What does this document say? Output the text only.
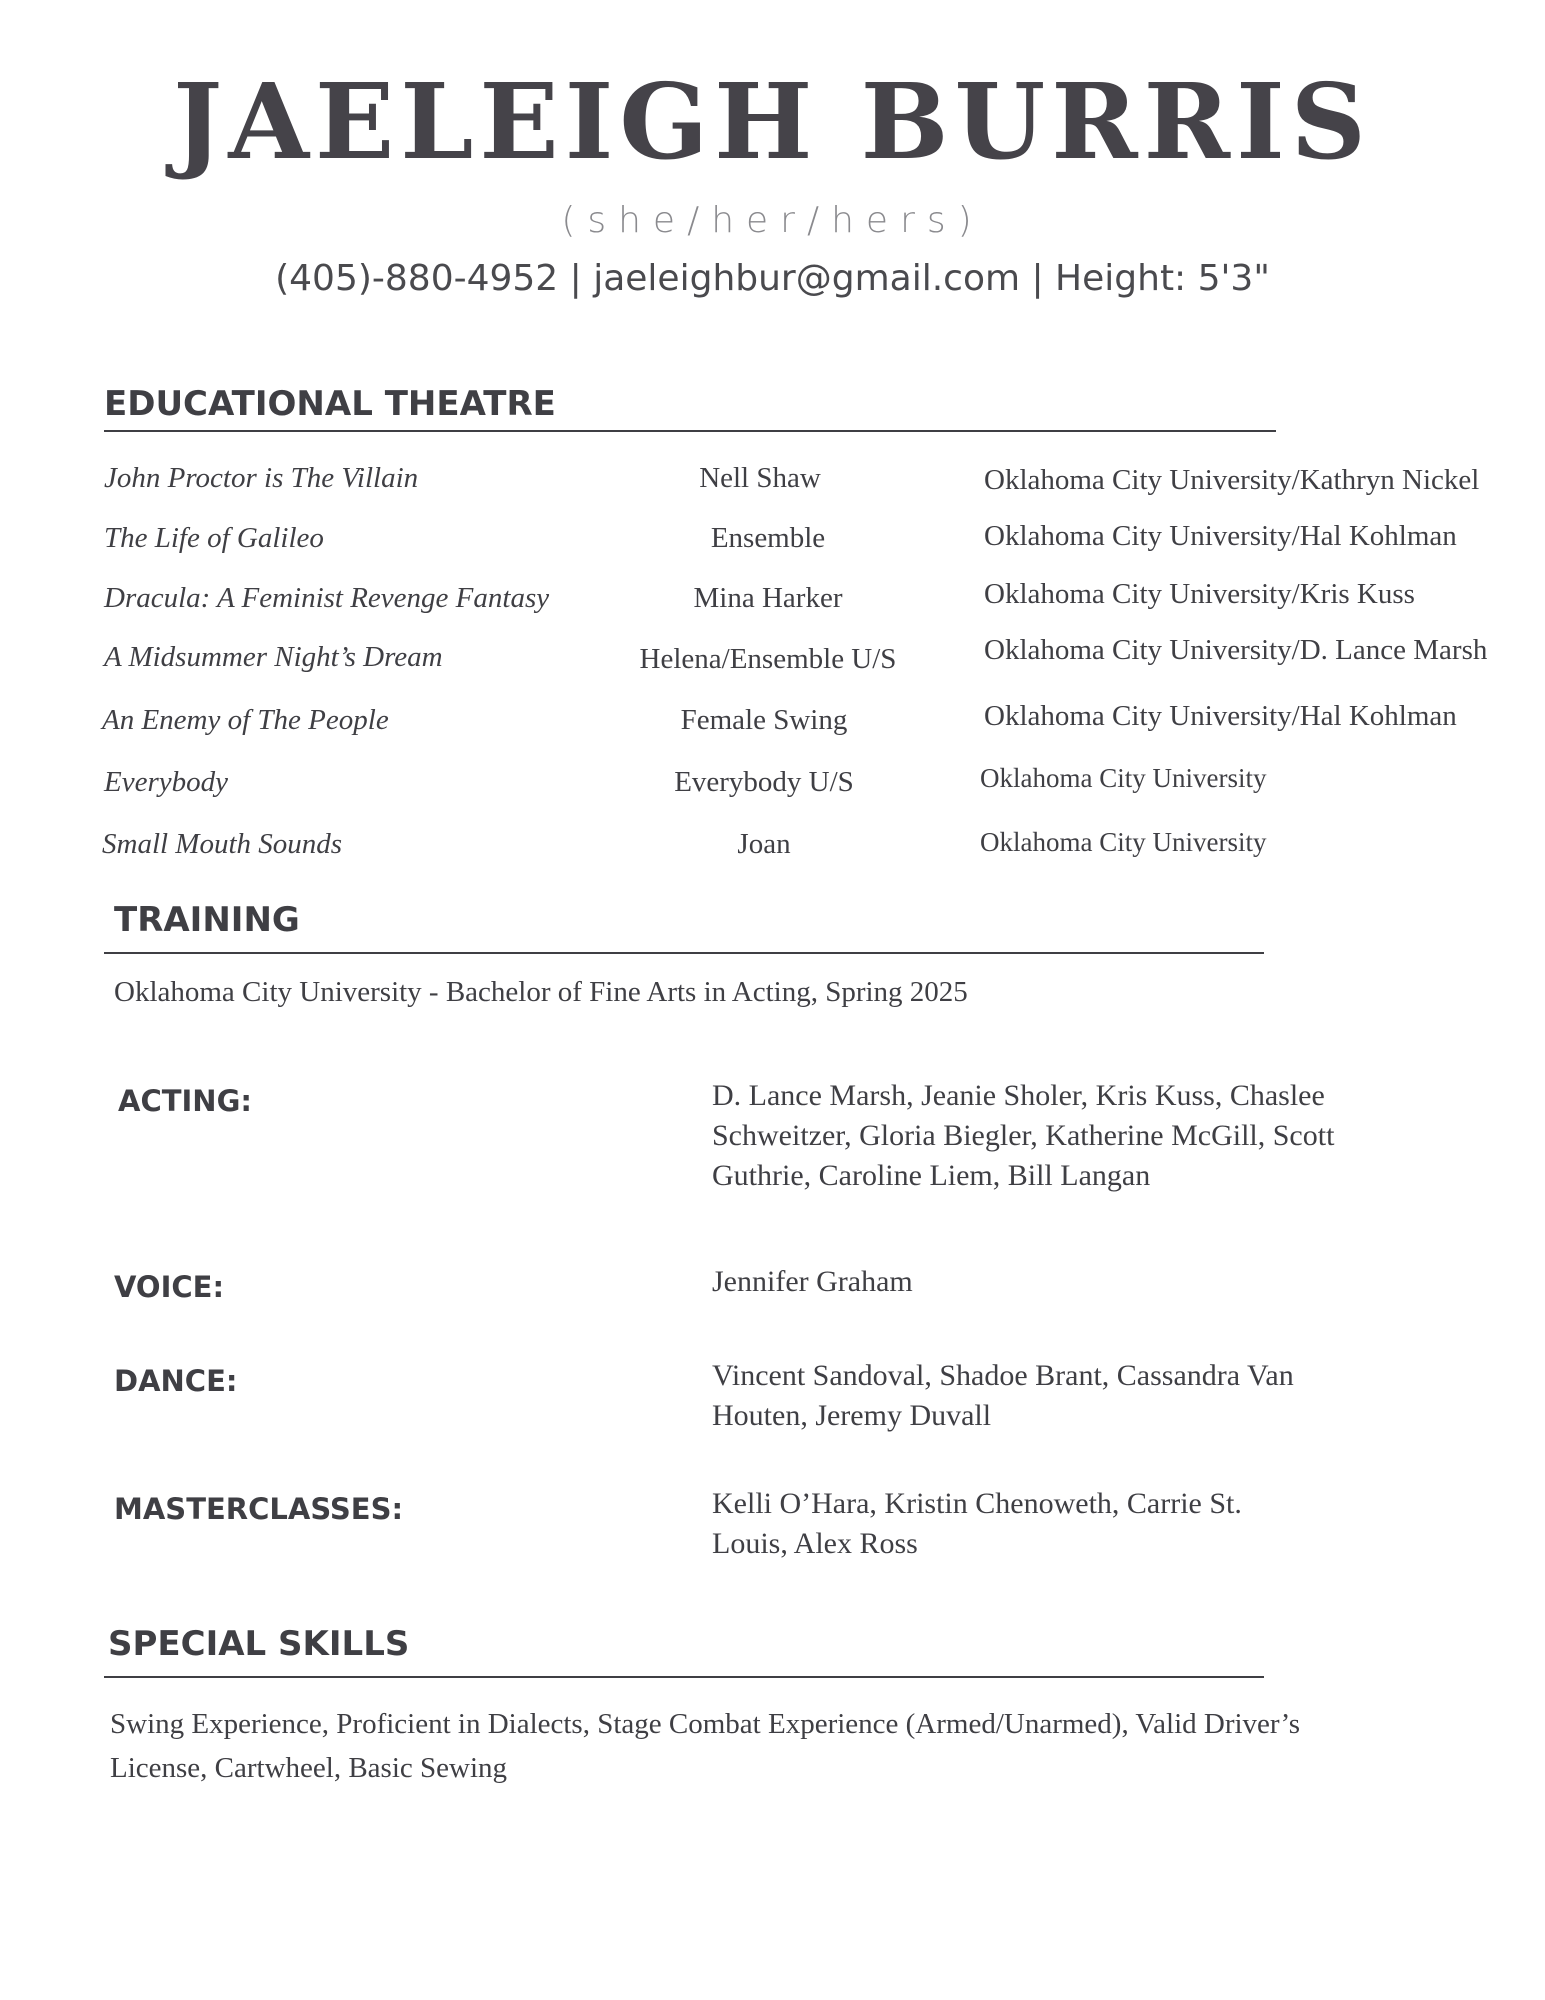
JAELEIGH BURRIS
(she/her/hers)
(405)-880-4952 | jaeleighbur@gmail.com | Height: 5'3"
EDUCATIONAL THEATRE
John Proctor is The Villain	Nell Shaw	Oklahoma City University/Kathryn Nickel
The Life of Galileo	Ensemble	Oklahoma City University/Hal Kohlman
Dracula: A Feminist Revenge Fantasy	Mina Harker	Oklahoma City University/Kris Kuss
A Midsummer Night’s Dream	Helena/Ensemble U/S	Oklahoma City University/D. Lance Marsh
An Enemy of The People	Female Swing	Oklahoma City University/Hal Kohlman
Everybody	Everybody U/S	Oklahoma City University
Small Mouth Sounds	Joan	Oklahoma City University
TRAINING
Oklahoma City University - Bachelor of Fine Arts in Acting, Spring 2025
ACTING:	D. Lance Marsh, Jeanie Sholer, Kris Kuss, Chaslee Schweitzer, Gloria Biegler, Katherine McGill, Scott Guthrie, Caroline Liem, Bill Langan
VOICE:	Jennifer Graham
DANCE:	Vincent Sandoval, Shadoe Brant, Cassandra Van Houten, Jeremy Duvall
MASTERCLASSES:	Kelli O’Hara, Kristin Chenoweth, Carrie St. Louis, Alex Ross
SPECIAL SKILLS
Swing Experience, Proficient in Dialects, Stage Combat Experience (Armed/Unarmed), Valid Driver’s License, Cartwheel, Basic Sewing
